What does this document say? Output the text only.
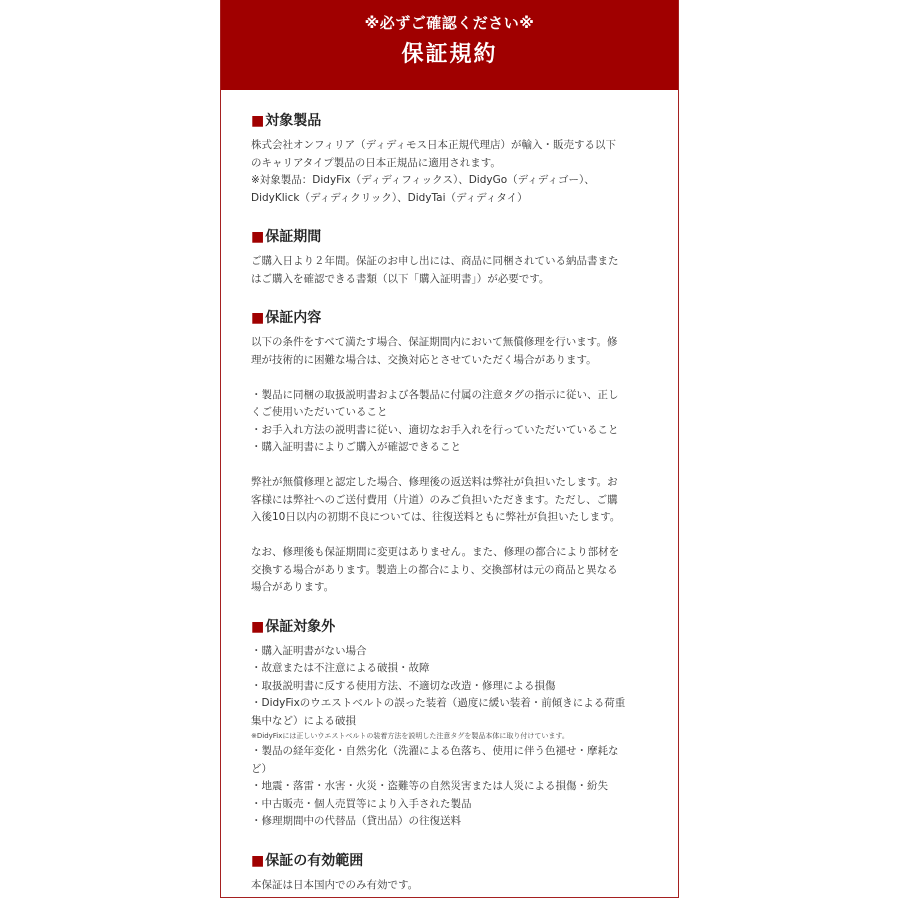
※必ずご確認ください※
保証規約
■対象製品
株式会社オンフィリア（ディディモス日本正規代理店）が輸入・販売する以下
のキャリアタイプ製品の日本正規品に適用されます。
※対象製品：DidyFix（ディディフィックス）、DidyGo（ディディゴー）、
DidyKlick（ディディクリック）、DidyTai（ディディタイ）
■保証期間
ご購入日より２年間。保証のお申し出には、商品に同梱されている納品書また
はご購入を確認できる書類（以下「購入証明書」）が必要です。
■保証内容
以下の条件をすべて満たす場合、保証期間内において無償修理を行います。修
理が技術的に困難な場合は、交換対応とさせていただく場合があります。
・製品に同梱の取扱説明書および各製品に付属の注意タグの指示に従い、正し
くご使用いただいていること
・お手入れ方法の説明書に従い、適切なお手入れを行っていただいていること
・購入証明書によりご購入が確認できること
弊社が無償修理と認定した場合、修理後の返送料は弊社が負担いたします。お
客様には弊社へのご送付費用（片道）のみご負担いただきます。ただし、ご購
入後10日以内の初期不良については、往復送料ともに弊社が負担いたします。
なお、修理後も保証期間に変更はありません。また、修理の都合により部材を
交換する場合があります。製造上の都合により、交換部材は元の商品と異なる
場合があります。
■保証対象外
・購入証明書がない場合
・故意または不注意による破損・故障
・取扱説明書に反する使用方法、不適切な改造・修理による損傷
・DidyFixのウエストベルトの誤った装着（過度に緩い装着・前傾きによる荷重
集中など）による破損
※DidyFixには正しいウエストベルトの装着方法を説明した注意タグを製品本体に取り付けています。
・製品の経年変化・自然劣化（洗濯による色落ち、使用に伴う色褪せ・摩耗な
ど）
・地震・落雷・水害・火災・盗難等の自然災害または人災による損傷・紛失
・中古販売・個人売買等により入手された製品
・修理期間中の代替品（貸出品）の往復送料
■保証の有効範囲
本保証は日本国内でのみ有効です。
